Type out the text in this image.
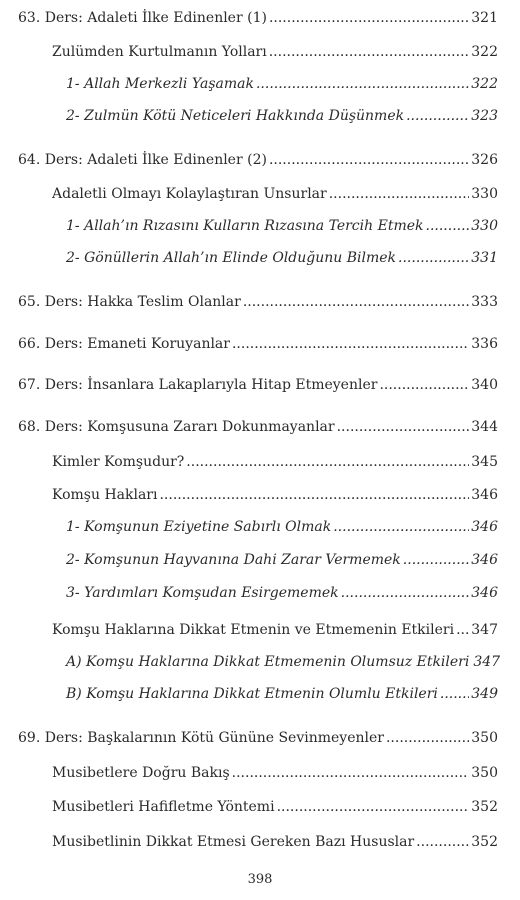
63. Ders: Adaleti İlke Edinenler (1) .....	321
Zulümden Kurtulmanın Yolları .....	322
1- Allah Merkezli Yaşamak .....	322
2- Zulmün Kötü Neticeleri Hakkında Düşünmek .....	323
64. Ders: Adaleti İlke Edinenler (2) .....	326
Adaletli Olmayı Kolaylaştıran Unsurlar .....	330
1- Allah’ın Rızasını Kulların Rızasına Tercih Etmek .....	330
2- Gönüllerin Allah’ın Elinde Olduğunu Bilmek .....	331
65. Ders: Hakka Teslim Olanlar .....	333
66. Ders: Emaneti Koruyanlar .....	336
67. Ders: İnsanlara Lakaplarıyla Hitap Etmeyenler .....	340
68. Ders: Komşusuna Zararı Dokunmayanlar .....	344
Kimler Komşudur? .....	345
Komşu Hakları .....	346
1- Komşunun Eziyetine Sabırlı Olmak .....	346
2- Komşunun Hayvanına Dahi Zarar Vermemek .....	346
3- Yardımları Komşudan Esirgememek .....	346
Komşu Haklarına Dikkat Etmenin ve Etmemenin Etkileri ..... 347
A) Komşu Haklarına Dikkat Etmemenin Olumsuz Etkileri 347
B) Komşu Haklarına Dikkat Etmenin Olumlu Etkileri ..... 349
69. Ders: Başkalarının Kötü Gününe Sevinmeyenler .....	350
Musibetlere Doğru Bakış .....	350
Musibetleri Hafifletme Yöntemi .....	352
Musibetlinin Dikkat Etmesi Gereken Bazı Hususlar .....	352
398
